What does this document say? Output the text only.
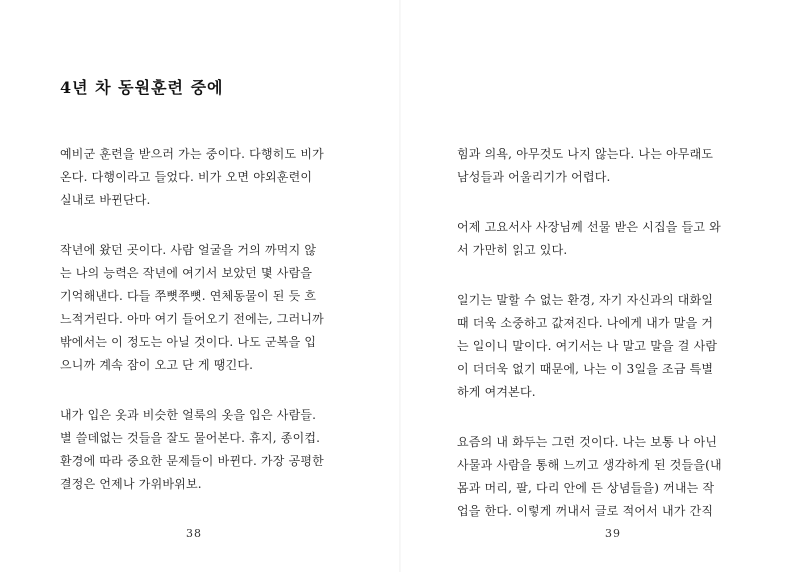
4년 차 동원훈련 중에
예비군 훈련을 받으러 가는 중이다. 다행히도 비가
온다. 다행이라고 들었다. 비가 오면 야외훈련이
실내로 바뀐단다.
작년에 왔던 곳이다. 사람 얼굴을 거의 까먹지 않
는 나의 능력은 작년에 여기서 보았던 몇 사람을
기억해낸다. 다들 쭈뼛쭈뼛. 연체동물이 된 듯 흐
느적거린다. 아마 여기 들어오기 전에는, 그러니까
밖에서는 이 정도는 아닐 것이다. 나도 군복을 입
으니까 계속 잠이 오고 단 게 땡긴다.
내가 입은 옷과 비슷한 얼룩의 옷을 입은 사람들.
별 쓸데없는 것들을 잘도 물어본다. 휴지, 종이컵.
환경에 따라 중요한 문제들이 바뀐다. 가장 공평한
결정은 언제나 가위바위보.
38
힘과 의욕, 아무것도 나지 않는다. 나는 아무래도
남성들과 어울리기가 어렵다.
어제 고요서사 사장님께 선물 받은 시집을 들고 와
서 가만히 읽고 있다.
일기는 말할 수 없는 환경, 자기 자신과의 대화일
때 더욱 소중하고 값져진다. 나에게 내가 말을 거
는 일이니 말이다. 여기서는 나 말고 말을 걸 사람
이 더더욱 없기 때문에, 나는 이 3일을 조금 특별
하게 여겨본다.
요즘의 내 화두는 그런 것이다. 나는 보통 나 아닌
사물과 사람을 통해 느끼고 생각하게 된 것들을(내
몸과 머리, 팔, 다리 안에 든 상념들을) 꺼내는 작
업을 한다. 이렇게 꺼내서 글로 적어서 내가 간직
39
